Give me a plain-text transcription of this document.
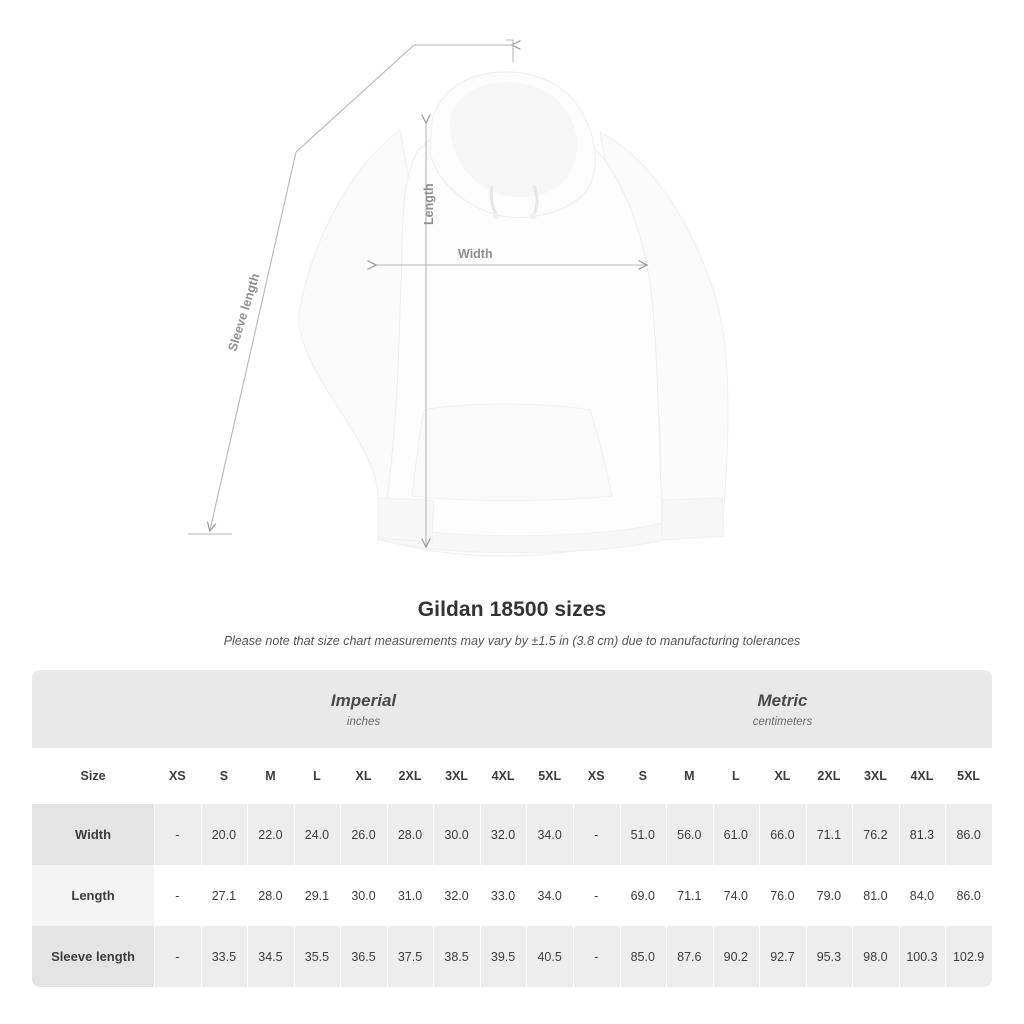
Width
Length
Sleeve length
Gildan 18500 sizes
Please note that size chart measurements may vary by ±1.5 in (3.8 cm) due to manufacturing tolerances

Imperial
inches

Metric
centimeters

Size	XS	S	M	L	XL	2XL	3XL	4XL	5XL	XS	S	M	L	XL	2XL	3XL	4XL	5XL
Width	-	20.0	22.0	24.0	26.0	28.0	30.0	32.0	34.0	-	51.0	56.0	61.0	66.0	71.1	76.2	81.3	86.0
Length	-	27.1	28.0	29.1	30.0	31.0	32.0	33.0	34.0	-	69.0	71.1	74.0	76.0	79.0	81.0	84.0	86.0
Sleeve length	-	33.5	34.5	35.5	36.5	37.5	38.5	39.5	40.5	-	85.0	87.6	90.2	92.7	95.3	98.0	100.3	102.9
